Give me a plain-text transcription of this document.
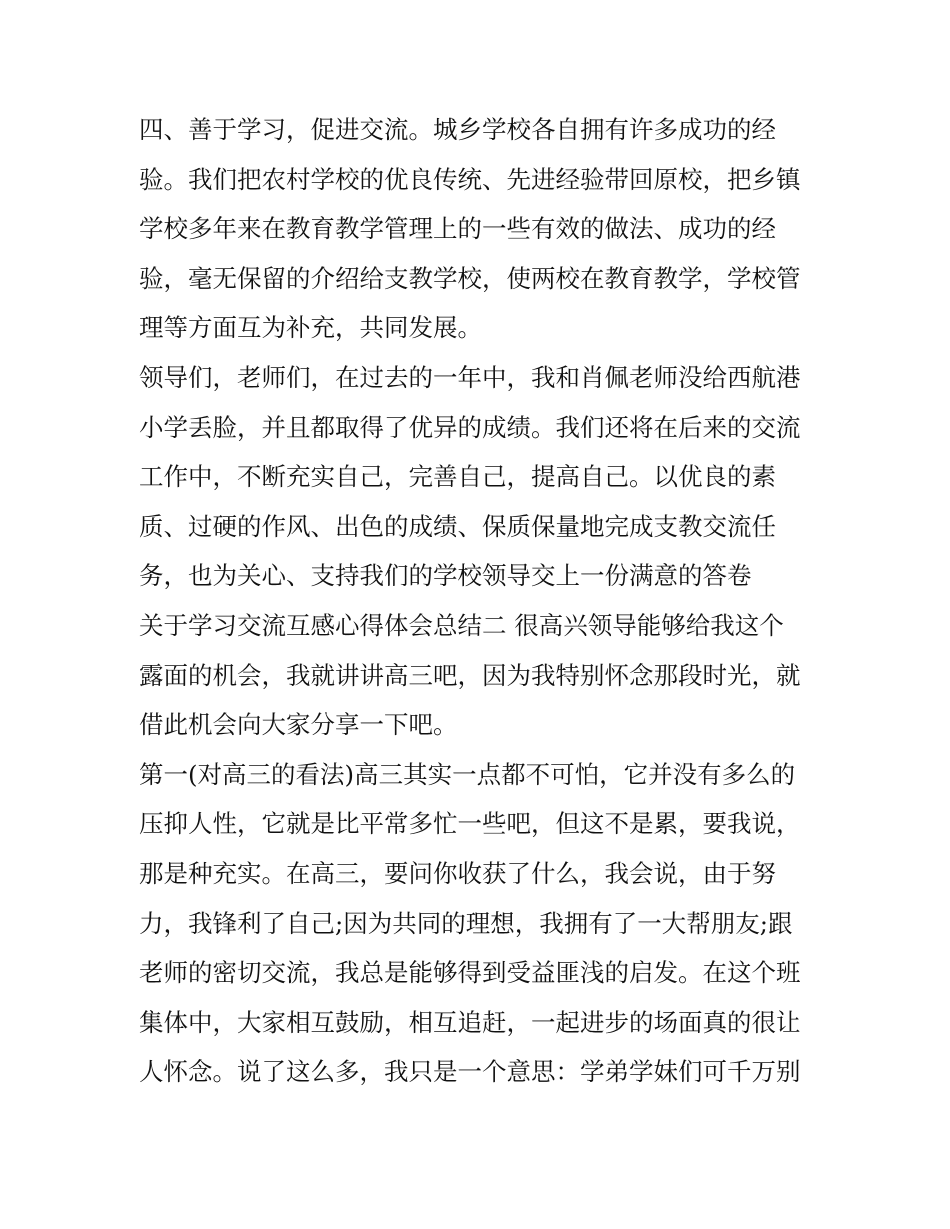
四、善于学习，促进交流。城乡学校各自拥有许多成功的经
验。我们把农村学校的优良传统、先进经验带回原校，把乡镇
学校多年来在教育教学管理上的一些有效的做法、成功的经
验，毫无保留的介绍给支教学校，使两校在教育教学，学校管
理等方面互为补充，共同发展。
领导们，老师们，在过去的一年中，我和肖佩老师没给西航港
小学丢脸，并且都取得了优异的成绩。我们还将在后来的交流
工作中，不断充实自己，完善自己，提高自己。以优良的素
质、过硬的作风、出色的成绩、保质保量地完成支教交流任
务，也为关心、支持我们的学校领导交上一份满意的答卷
关于学习交流互感心得体会总结二 很高兴领导能够给我这个
露面的机会，我就讲讲高三吧，因为我特别怀念那段时光，就
借此机会向大家分享一下吧。
第一(对高三的看法)高三其实一点都不可怕，它并没有多么的
压抑人性，它就是比平常多忙一些吧，但这不是累，要我说，
那是种充实。在高三，要问你收获了什么，我会说，由于努
力，我锋利了自己;因为共同的理想，我拥有了一大帮朋友;跟
老师的密切交流，我总是能够得到受益匪浅的启发。在这个班
集体中，大家相互鼓励，相互追赶，一起进步的场面真的很让
人怀念。说了这么多，我只是一个意思：学弟学妹们可千万别
